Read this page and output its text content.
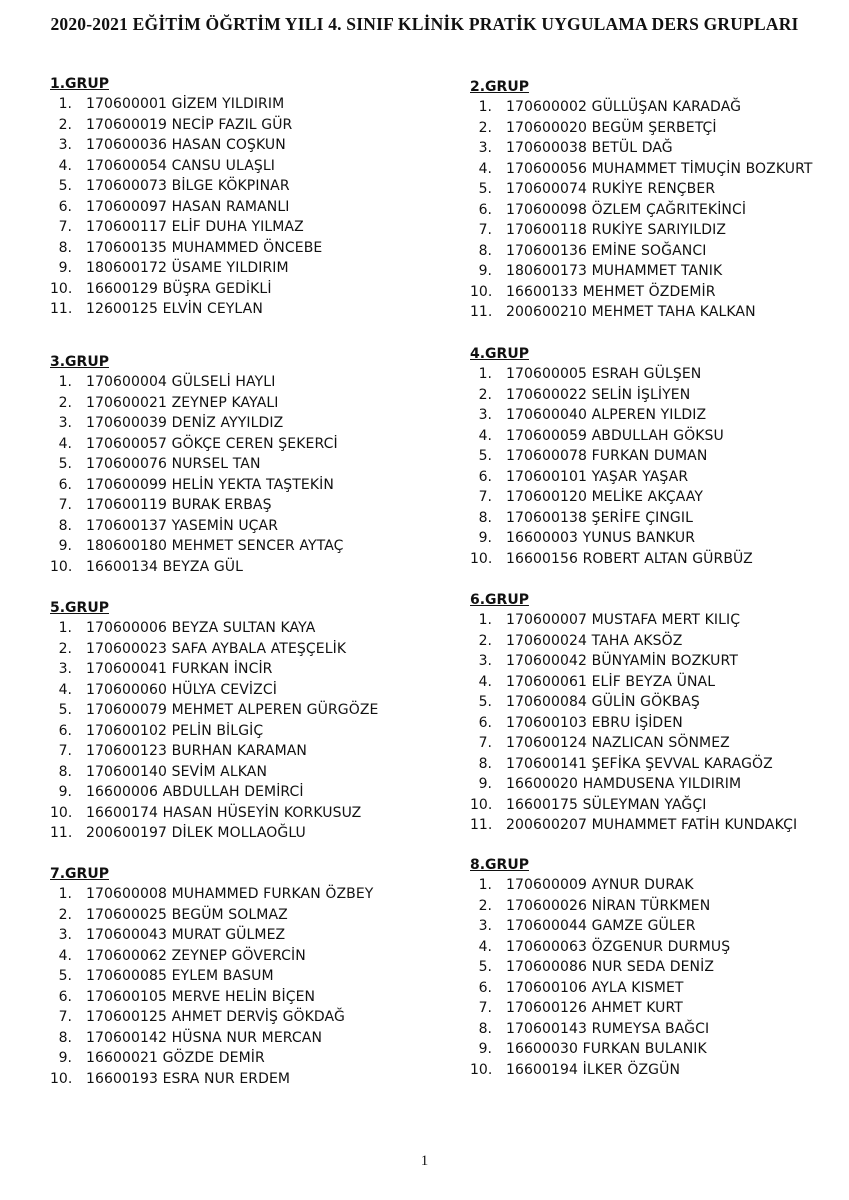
2020-2021 EĞİTİM ÖĞRTİM YILI 4. SINIF KLİNİK PRATİK UYGULAMA DERS GRUPLARI
1.GRUP
1.	170600001 GİZEM YILDIRIM
2.	170600019 NECİP FAZIL GÜR
3.	170600036 HASAN COŞKUN
4.	170600054 CANSU ULAŞLI
5.	170600073 BİLGE KÖKPINAR
6.	170600097 HASAN RAMANLI
7.	170600117 ELİF DUHA YILMAZ
8.	170600135 MUHAMMED ÖNCEBE
9.	180600172 ÜSAME YILDIRIM
10. 16600129 BÜŞRA GEDİKLİ
11. 12600125 ELVİN CEYLAN
2.GRUP
1.	170600002 GÜLLÜŞAN KARADAĞ
2.	170600020 BEGÜM ŞERBETÇİ
3.	170600038 BETÜL DAĞ
4.	170600056 MUHAMMET TİMUÇİN BOZKURT
5.	170600074 RUKİYE RENÇBER
6.	170600098 ÖZLEM ÇAĞRITEKİNCİ
7.	170600118 RUKİYE SARIYILDIZ
8.	170600136 EMİNE SOĞANCI
9.	180600173 MUHAMMET TANIK
10. 16600133 MEHMET ÖZDEMİR
11. 200600210 MEHMET TAHA KALKAN
3.GRUP
1.	170600004 GÜLSELİ HAYLI
2.	170600021 ZEYNEP KAYALI
3.	170600039 DENİZ AYYILDIZ
4.	170600057 GÖKÇE CEREN ŞEKERCİ
5.	170600076 NURSEL TAN
6.	170600099 HELİN YEKTA TAŞTEKİN
7.	170600119 BURAK ERBAŞ
8.	170600137 YASEMİN UÇAR
9.	180600180 MEHMET SENCER AYTAÇ
10. 16600134 BEYZA GÜL
4.GRUP
1.	170600005 ESRAH GÜLŞEN
2.	170600022 SELİN İŞLİYEN
3.	170600040 ALPEREN YILDIZ
4.	170600059 ABDULLAH GÖKSU
5.	170600078 FURKAN DUMAN
6.	170600101 YAŞAR YAŞAR
7.	170600120 MELİKE AKÇAAY
8.	170600138 ŞERİFE ÇINGIL
9.	16600003 YUNUS BANKUR
10. 16600156 ROBERT ALTAN GÜRBÜZ
5.GRUP
1.	170600006 BEYZA SULTAN KAYA
2.	170600023 SAFA AYBALA ATEŞÇELİK
3.	170600041 FURKAN İNCİR
4.	170600060 HÜLYA CEVİZCİ
5.	170600079 MEHMET ALPEREN GÜRGÖZE
6.	170600102 PELİN BİLGİÇ
7.	170600123 BURHAN KARAMAN
8.	170600140 SEVİM ALKAN
9.	16600006 ABDULLAH DEMİRCİ
10. 16600174 HASAN HÜSEYİN KORKUSUZ
11. 200600197 DİLEK MOLLAOĞLU
6.GRUP
1.	170600007 MUSTAFA MERT KILIÇ
2.	170600024 TAHA AKSÖZ
3.	170600042 BÜNYAMİN BOZKURT
4.	170600061 ELİF BEYZA ÜNAL
5.	170600084 GÜLİN GÖKBAŞ
6.	170600103 EBRU İŞİDEN
7.	170600124 NAZLICAN SÖNMEZ
8.	170600141 ŞEFİKA ŞEVVAL KARAGÖZ
9.	16600020 HAMDUSENA YILDIRIM
10. 16600175 SÜLEYMAN YAĞÇI
11. 200600207 MUHAMMET FATİH KUNDAKÇI
7.GRUP
1.	170600008 MUHAMMED FURKAN ÖZBEY
2.	170600025 BEGÜM SOLMAZ
3.	170600043 MURAT GÜLMEZ
4.	170600062 ZEYNEP GÖVERCİN
5.	170600085 EYLEM BASUM
6.	170600105 MERVE HELİN BİÇEN
7.	170600125 AHMET DERVİŞ GÖKDAĞ
8.	170600142 HÜSNA NUR MERCAN
9.	16600021 GÖZDE DEMİR
10. 16600193 ESRA NUR ERDEM
8.GRUP
1.	170600009 AYNUR DURAK
2.	170600026 NİRAN TÜRKMEN
3.	170600044 GAMZE GÜLER
4.	170600063 ÖZGENUR DURMUŞ
5.	170600086 NUR SEDA DENİZ
6.	170600106 AYLA KISMET
7.	170600126 AHMET KURT
8.	170600143 RUMEYSA BAĞCI
9.	16600030 FURKAN BULANIK
10. 16600194 İLKER ÖZGÜN
1
